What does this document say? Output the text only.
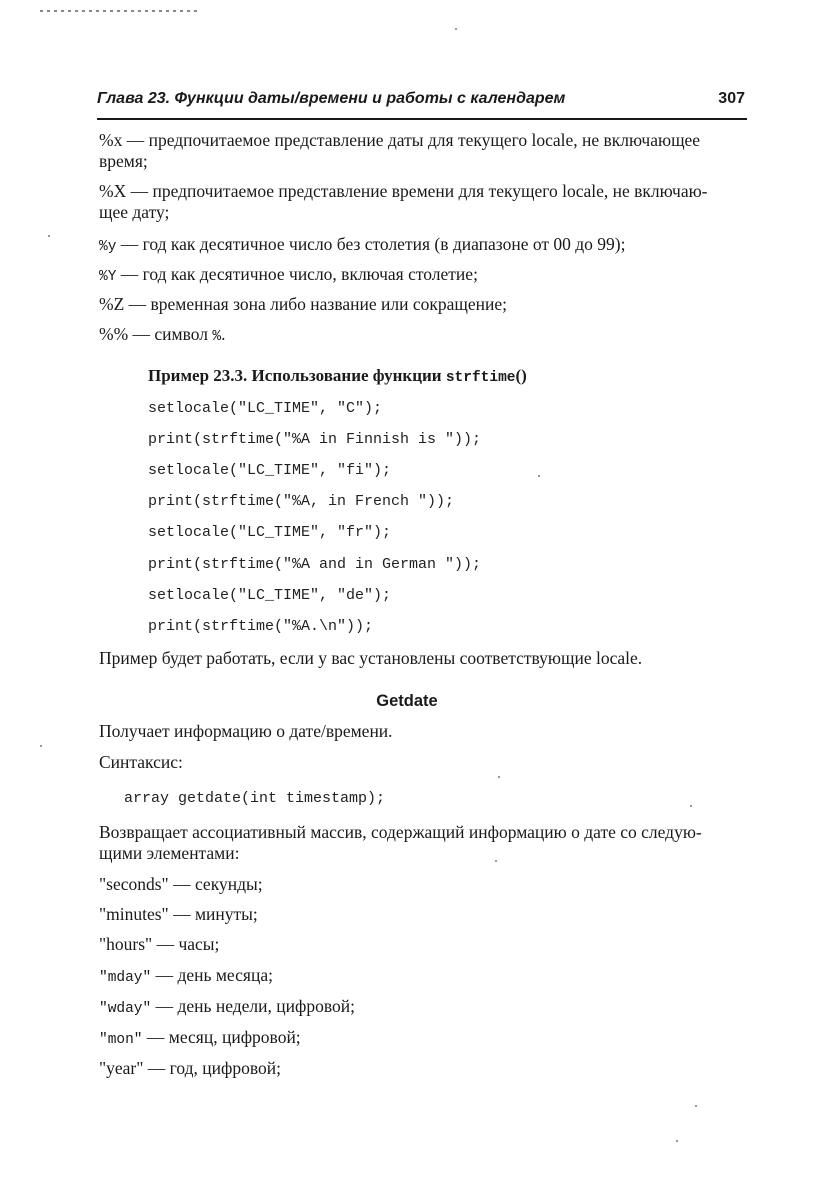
Глава 23. Функции даты/времени и работы с календарем	307

%x — предпочитаемое представление даты для текущего locale, не включающее
время;

%X — предпочитаемое представление времени для текущего locale, не включаю-
щее дату;

%y — год как десятичное число без столетия (в диапазоне от 00 до 99);

%Y — год как десятичное число, включая столетие;

%Z — временная зона либо название или сокращение;

%% — символ %.

Пример 23.3. Использование функции strftime()
setlocale("LC_TIME", "C");
print(strftime("%A in Finnish is "));
setlocale("LC_TIME", "fi");
print(strftime("%A, in French "));
setlocale("LC_TIME", "fr");
print(strftime("%A and in German "));
setlocale("LC_TIME", "de");
print(strftime("%A.\n"));

Пример будет работать, если у вас установлены соответствующие locale.

Getdate

Получает информацию о дате/времени.

Синтаксис:

array getdate(int timestamp);

Возвращает ассоциативный массив, содержащий информацию о дате со следую-
щими элементами:

"seconds" — секунды;

"minutes" — минуты;

"hours" — часы;

"mday" — день месяца;

"wday" — день недели, цифровой;

"mon" — месяц, цифровой;

"year" — год, цифровой;
